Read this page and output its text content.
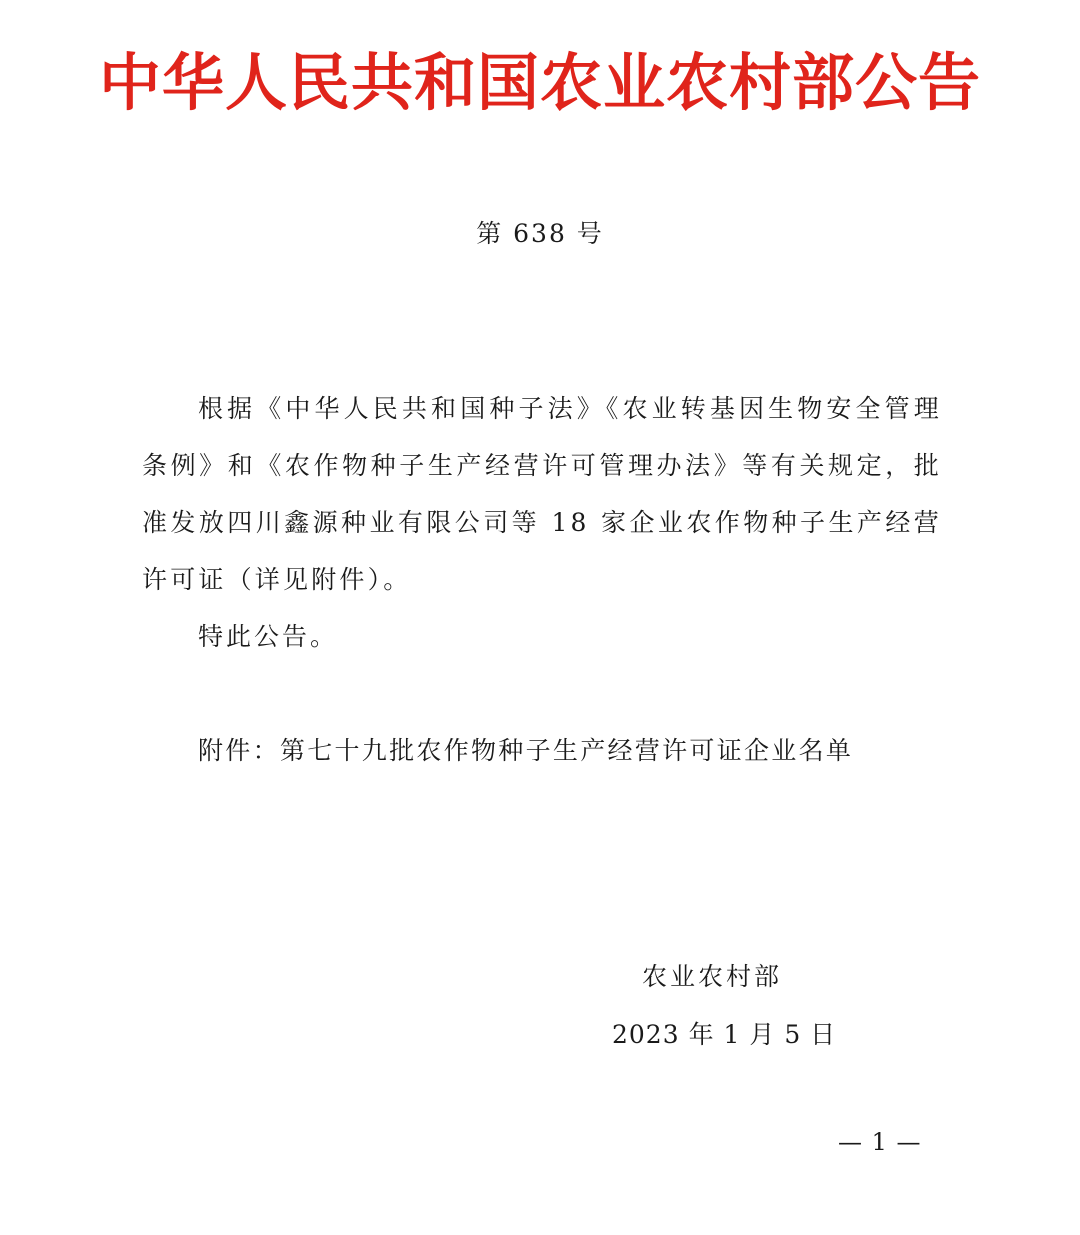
中华人民共和国农业农村部公告
第 638 号

根据《中华人民共和国种子法》《农业转基因生物安全管理条例》和《农作物种子生产经营许可管理办法》等有关规定，批准发放四川鑫源种业有限公司等 18 家企业农作物种子生产经营许可证（详见附件）。

特此公告。

附件：第七十九批农作物种子生产经营许可证企业名单

农业农村部

2023 年 1 月 5 日

— 1 —
